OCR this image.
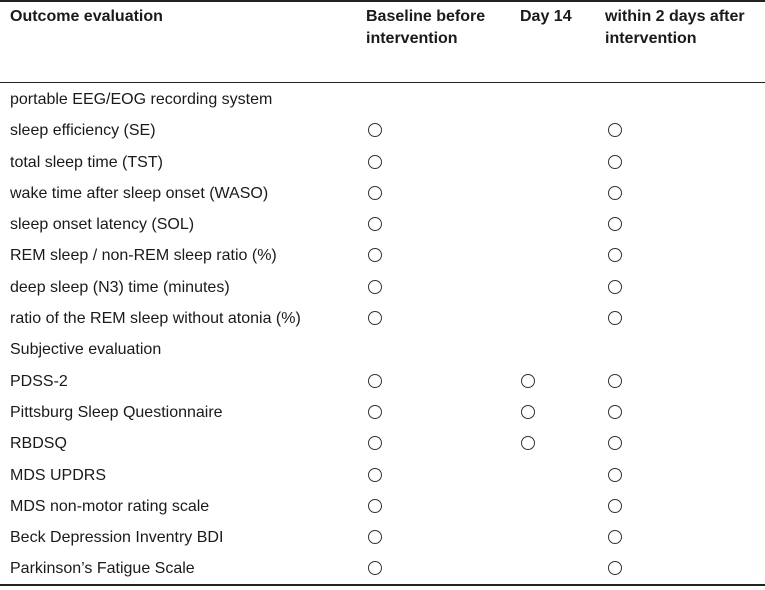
Outcome evaluation	Baseline before intervention
Day 14	within 2 days after intervention
portable EEG/EOG recording system
sleep efficiency (SE)
total sleep time (TST)
wake time after sleep onset (WASO)
sleep onset latency (SOL)
REM sleep / non-REM sleep ratio (%)
deep sleep (N3) time (minutes)
ratio of the REM sleep without atonia (%)
Subjective evaluation
PDSS-2
Pittsburg Sleep Questionnaire
RBDSQ
MDS UPDRS
MDS non-motor rating scale
Beck Depression Inventry BDI
Parkinson’s Fatigue Scale
